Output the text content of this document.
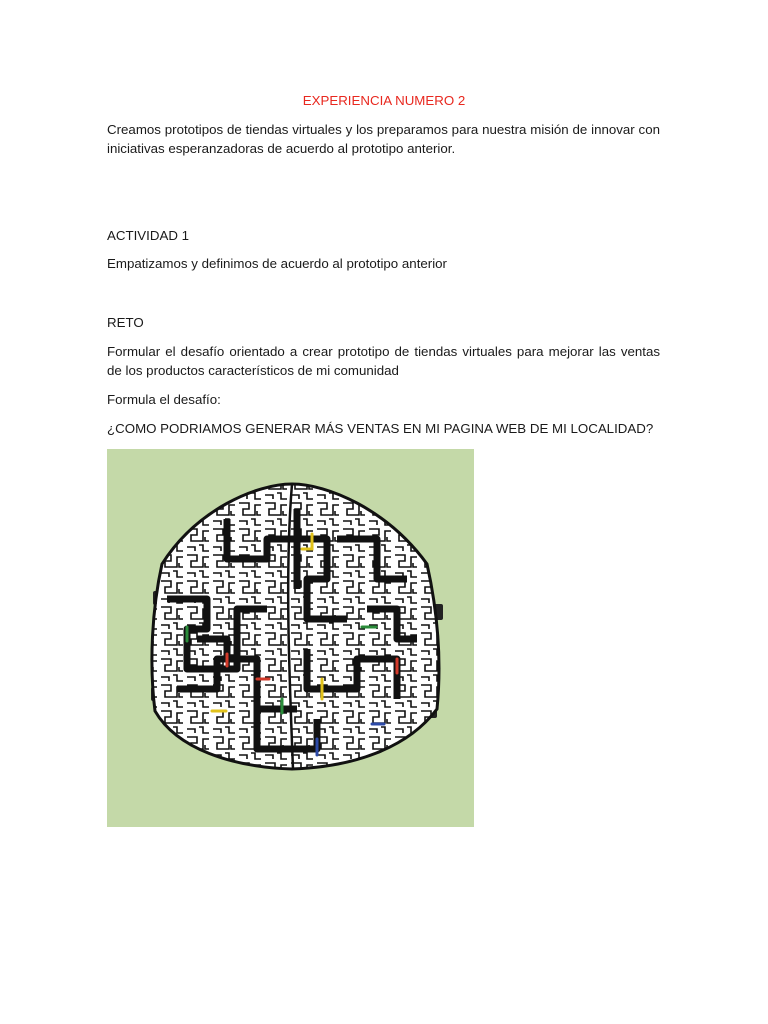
EXPERIENCIA NUMERO 2

Creamos prototipos de tiendas virtuales y los preparamos para nuestra misión de innovar con iniciativas esperanzadoras de acuerdo al prototipo anterior.

ACTIVIDAD 1

Empatizamos y definimos de acuerdo al prototipo anterior

RETO

Formular el desafío orientado a crear prototipo de tiendas virtuales para mejorar las ventas de los productos característicos de mi comunidad

Formula el desafío:

¿COMO PODRIAMOS GENERAR MÁS VENTAS EN MI PAGINA WEB DE MI LOCALIDAD?
